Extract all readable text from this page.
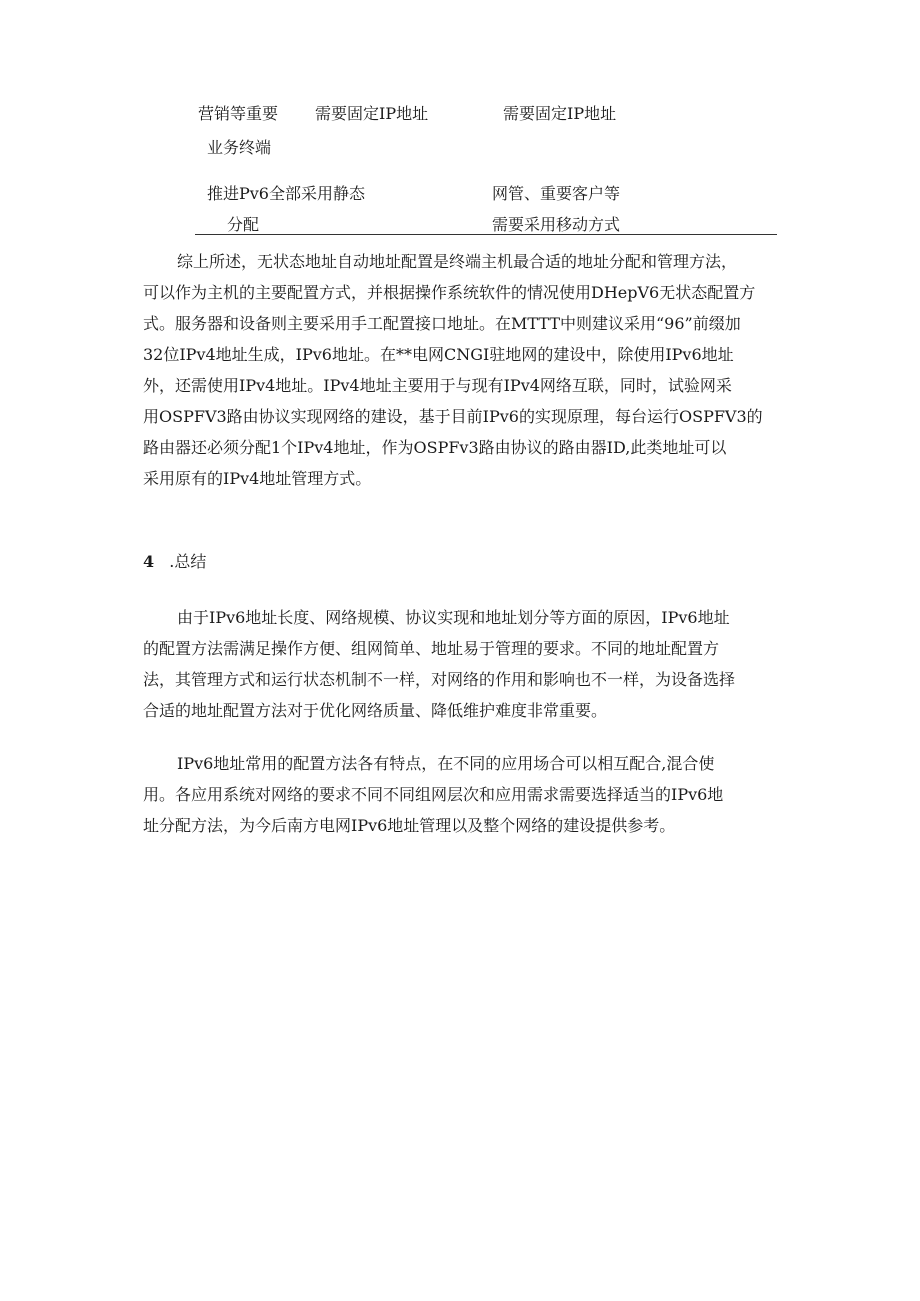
营销等重要
业务终端
需要固定IP地址	需要固定IP地址
推进Pv6全部采用静态
分配
网管、重要客户等
需要采用移动方式
综上所述，无状态地址自动地址配置是终端主机最合适的地址分配和管理方法，
可以作为主机的主要配置方式，并根据操作系统软件的情况使用DHepV6无状态配置方
式。服务器和设备则主要采用手工配置接口地址。在MTTT中则建议采用“96”前缀加
32位IPv4地址生成，IPv6地址。在**电网CNGI驻地网的建设中，除使用IPv6地址
外，还需使用IPv4地址。IPv4地址主要用于与现有IPv4网络互联，同时，试验网采
用OSPFV3路由协议实现网络的建设，基于目前IPv6的实现原理，每台运行OSPFV3的
路由器还必须分配1个IPv4地址，作为OSPFv3路由协议的路由器ID,此类地址可以
采用原有的IPv4地址管理方式。
4 .总结
由于IPv6地址长度、网络规模、协议实现和地址划分等方面的原因，IPv6地址
的配置方法需满足操作方便、组网简单、地址易于管理的要求。不同的地址配置方
法，其管理方式和运行状态机制不一样，对网络的作用和影响也不一样，为设备选择
合适的地址配置方法对于优化网络质量、降低维护难度非常重要。
IPv6地址常用的配置方法各有特点，在不同的应用场合可以相互配合,混合使
用。各应用系统对网络的要求不同不同组网层次和应用需求需要选择适当的IPv6地
址分配方法，为今后南方电网IPv6地址管理以及整个网络的建设提供参考。
